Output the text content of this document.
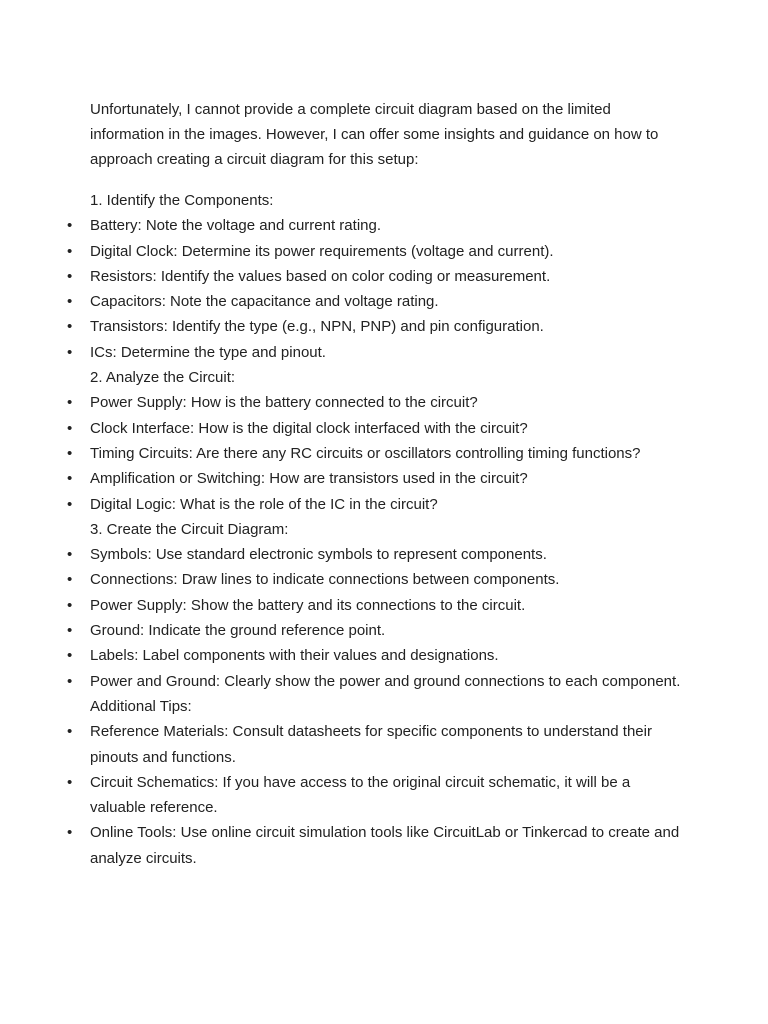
Unfortunately, I cannot provide a complete circuit diagram based on the limited information in the images. However, I can offer some insights and guidance on how to approach creating a circuit diagram for this setup:

1. Identify the Components:
• Battery: Note the voltage and current rating.
• Digital Clock: Determine its power requirements (voltage and current).
• Resistors: Identify the values based on color coding or measurement.
• Capacitors: Note the capacitance and voltage rating.
• Transistors: Identify the type (e.g., NPN, PNP) and pin configuration.
• ICs: Determine the type and pinout.
2. Analyze the Circuit:
• Power Supply: How is the battery connected to the circuit?
• Clock Interface: How is the digital clock interfaced with the circuit?
• Timing Circuits: Are there any RC circuits or oscillators controlling timing functions?
• Amplification or Switching: How are transistors used in the circuit?
• Digital Logic: What is the role of the IC in the circuit?
3. Create the Circuit Diagram:
• Symbols: Use standard electronic symbols to represent components.
• Connections: Draw lines to indicate connections between components.
• Power Supply: Show the battery and its connections to the circuit.
• Ground: Indicate the ground reference point.
• Labels: Label components with their values and designations.
• Power and Ground: Clearly show the power and ground connections to each component.
Additional Tips:
• Reference Materials: Consult datasheets for specific components to understand their pinouts and functions.
• Circuit Schematics: If you have access to the original circuit schematic, it will be a valuable reference.
• Online Tools: Use online circuit simulation tools like CircuitLab or Tinkercad to create and analyze circuits.
